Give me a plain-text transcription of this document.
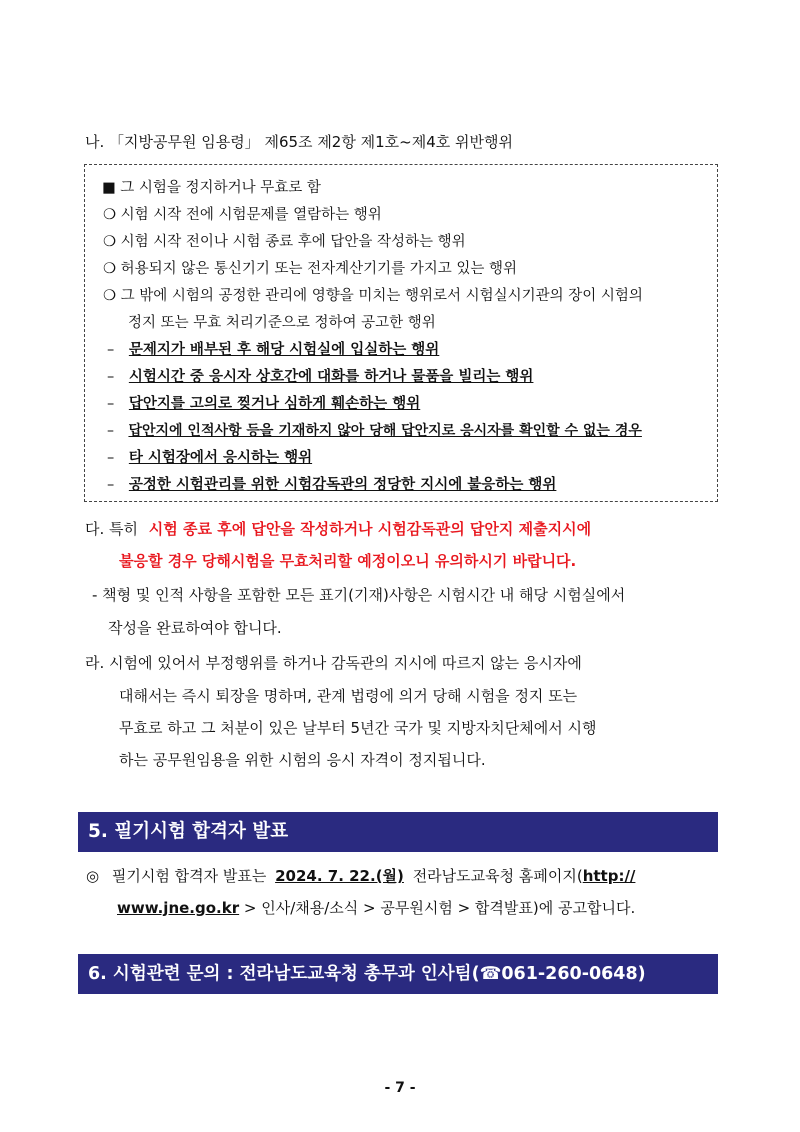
나. 「지방공무원 임용령」 제65조 제2항 제1호~제4호 위반행위
■ 그 시험을 정지하거나 무효로 함
❍ 시험 시작 전에 시험문제를 열람하는 행위
❍ 시험 시작 전이나 시험 종료 후에 답안을 작성하는 행위
❍ 허용되지 않은 통신기기 또는 전자계산기기를 가지고 있는 행위
❍ 그 밖에 시험의 공정한 관리에 영향을 미치는 행위로서 시험실시기관의 장이 시험의
정지 또는 무효 처리기준으로 정하여 공고한 행위
– 문제지가 배부된 후 해당 시험실에 입실하는 행위
– 시험시간 중 응시자 상호간에 대화를 하거나 물품을 빌리는 행위
– 답안지를 고의로 찢거나 심하게 훼손하는 행위
– 답안지에 인적사항 등을 기재하지 않아 당해 답안지로 응시자를 확인할 수 없는 경우
– 타 시험장에서 응시하는 행위
– 공정한 시험관리를 위한 시험감독관의 정당한 지시에 불응하는 행위
다. 특히 시험 종료 후에 답안을 작성하거나 시험감독관의 답안지 제출지시에
불응할 경우 당해시험을 무효처리할 예정이오니 유의하시기 바랍니다.
- 책형 및 인적 사항을 포함한 모든 표기(기재)사항은 시험시간 내 해당 시험실에서
작성을 완료하여야 합니다.
라. 시험에 있어서 부정행위를 하거나 감독관의 지시에 따르지 않는 응시자에
대해서는 즉시 퇴장을 명하며, 관계 법령에 의거 당해 시험을 정지 또는
무효로 하고 그 처분이 있은 날부터 5년간 국가 및 지방자치단체에서 시행
하는 공무원임용을 위한 시험의 응시 자격이 정지됩니다.
5. 필기시험 합격자 발표
◎ 필기시험 합격자 발표는 2024. 7. 22.(월) 전라남도교육청 홈페이지(http://
www.jne.go.kr > 인사/채용/소식 > 공무원시험 > 합격발표)에 공고합니다.
6. 시험관련 문의 : 전라남도교육청 총무과 인사팀(☎061-260-0648)
- 7 -
